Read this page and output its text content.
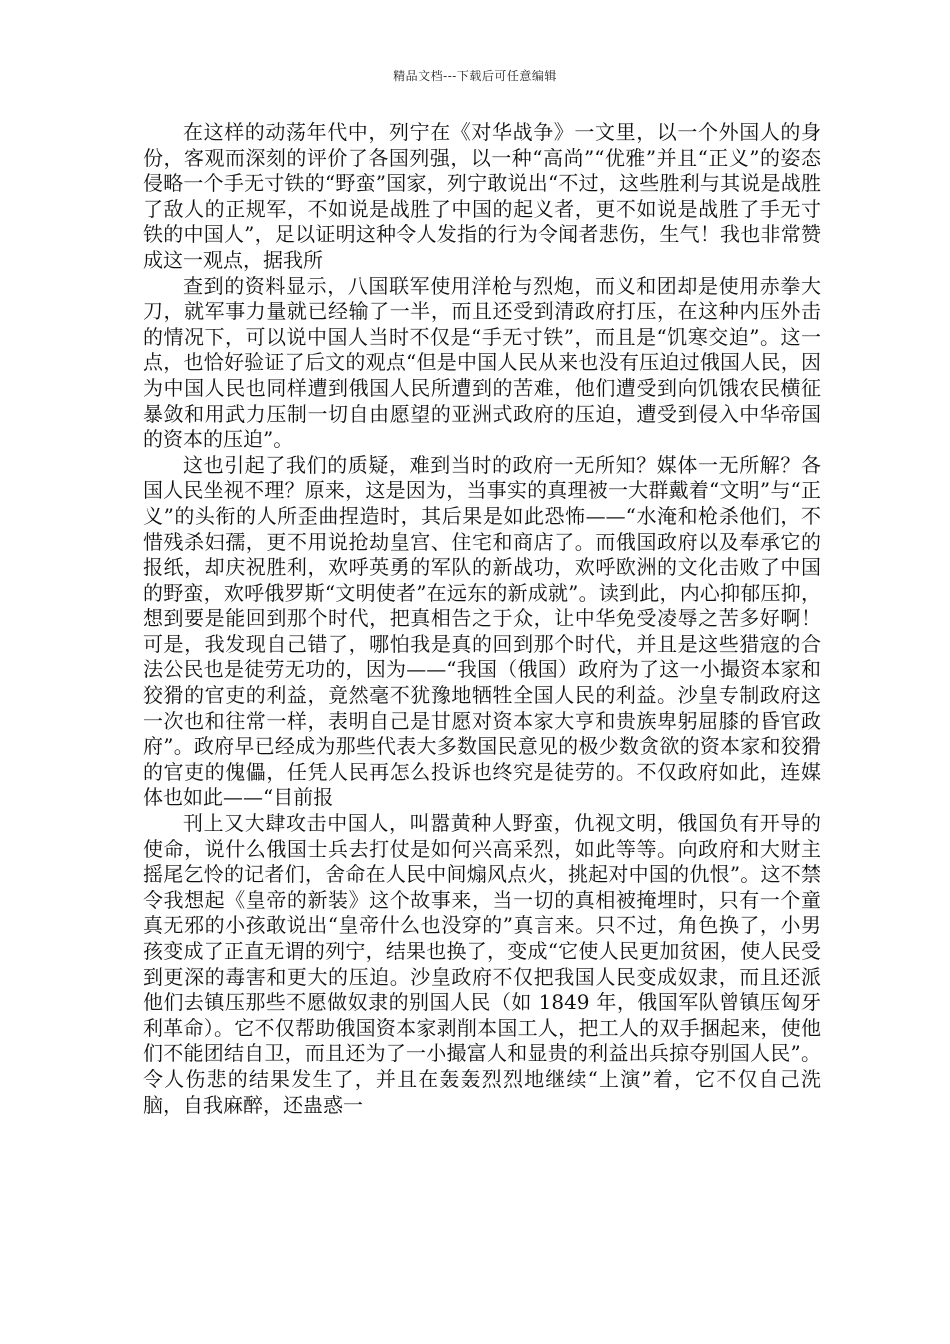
精品文档---下载后可任意编辑

在这样的动荡年代中，列宁在《对华战争》一文里，以一个外国人的身份，客观而深刻的评价了各国列强，以一种“高尚”“优雅”并且“正义”的姿态侵略一个手无寸铁的“野蛮”国家，列宁敢说出“不过，这些胜利与其说是战胜了敌人的正规军，不如说是战胜了中国的起义者，更不如说是战胜了手无寸铁的中国人”，足以证明这种令人发指的行为令闻者悲伤，生气！我也非常赞成这一观点，据我所

查到的资料显示，八国联军使用洋枪与烈炮，而义和团却是使用赤拳大刀，就军事力量就已经输了一半，而且还受到清政府打压，在这种内压外击的情况下，可以说中国人当时不仅是“手无寸铁”，而且是“饥寒交迫”。这一点，也恰好验证了后文的观点“但是中国人民从来也没有压迫过俄国人民，因为中国人民也同样遭到俄国人民所遭到的苦难，他们遭受到向饥饿农民横征暴敛和用武力压制一切自由愿望的亚洲式政府的压迫，遭受到侵入中华帝国的资本的压迫”。

这也引起了我们的质疑，难到当时的政府一无所知？媒体一无所解？各国人民坐视不理？原来，这是因为，当事实的真理被一大群戴着“文明”与“正义”的头衔的人所歪曲捏造时，其后果是如此恐怖——“水淹和枪杀他们，不惜残杀妇孺，更不用说抢劫皇宫、住宅和商店了。而俄国政府以及奉承它的报纸，却庆祝胜利，欢呼英勇的军队的新战功，欢呼欧洲的文化击败了中国的野蛮，欢呼俄罗斯“文明使者”在远东的新成就”。读到此，内心抑郁压抑，想到要是能回到那个时代，把真相告之于众，让中华免受凌辱之苦多好啊！可是，我发现自己错了，哪怕我是真的回到那个时代，并且是这些猎寇的合法公民也是徒劳无功的，因为——“我国（俄国）政府为了这一小撮资本家和狡猾的官吏的利益，竟然毫不犹豫地牺牲全国人民的利益。沙皇专制政府这一次也和往常一样，表明自己是甘愿对资本家大亨和贵族卑躬屈膝的昏官政府”。政府早已经成为那些代表大多数国民意见的极少数贪欲的资本家和狡猾的官吏的傀儡，任凭人民再怎么投诉也终究是徒劳的。不仅政府如此，连媒体也如此——“目前报

刊上又大肆攻击中国人，叫嚣黄种人野蛮，仇视文明，俄国负有开导的使命，说什么俄国士兵去打仗是如何兴高采烈，如此等等。向政府和大财主摇尾乞怜的记者们，舍命在人民中间煽风点火，挑起对中国的仇恨”。这不禁令我想起《皇帝的新装》这个故事来，当一切的真相被掩埋时，只有一个童真无邪的小孩敢说出“皇帝什么也没穿的”真言来。只不过，角色换了，小男孩变成了正直无谓的列宁，结果也换了，变成“它使人民更加贫困，使人民受到更深的毒害和更大的压迫。沙皇政府不仅把我国人民变成奴隶，而且还派他们去镇压那些不愿做奴隶的别国人民（如 1849 年，俄国军队曾镇压匈牙利革命）。它不仅帮助俄国资本家剥削本国工人，把工人的双手捆起来，使他们不能团结自卫，而且还为了一小撮富人和显贵的利益出兵掠夺别国人民”。令人伤悲的结果发生了，并且在轰轰烈烈地继续“上演”着，它不仅自己洗脑，自我麻醉，还蛊惑一
